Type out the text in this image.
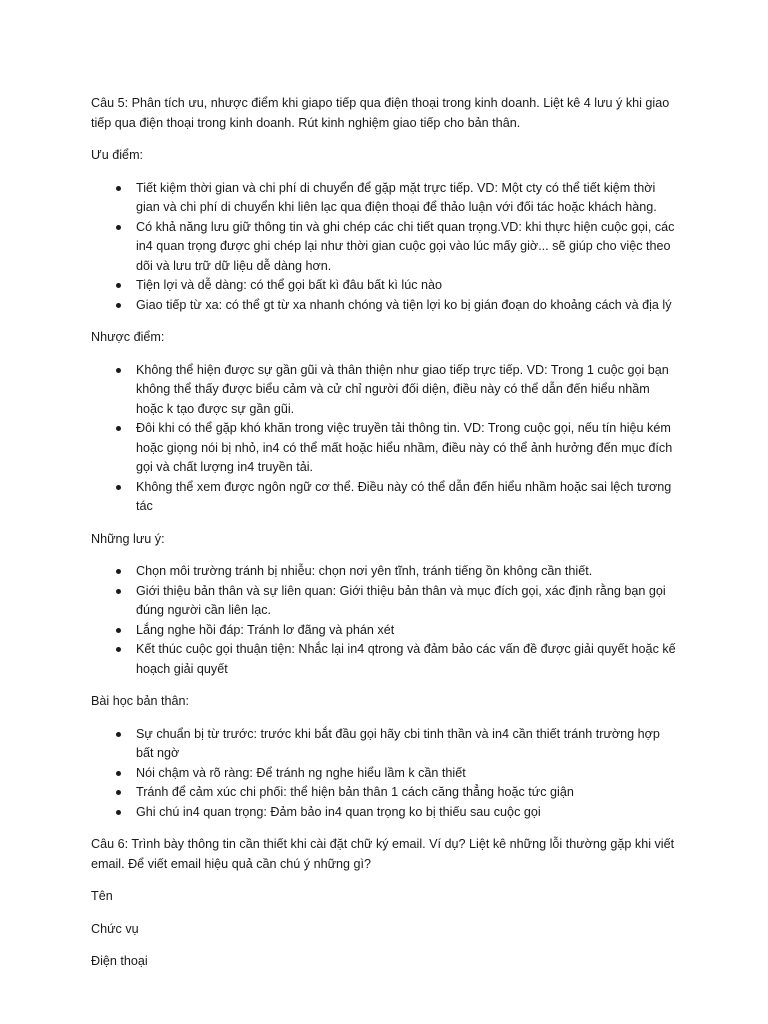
Câu 5: Phân tích ưu, nhược điểm khi giapo tiếp qua điện thoại trong kinh doanh. Liệt kê 4 lưu ý khi giao tiếp qua điện thoại trong kinh doanh. Rút kinh nghiệm giao tiếp cho bản thân.

Ưu điểm:

Tiết kiệm thời gian và chi phí di chuyển để gặp mặt trực tiếp. VD: Một cty có thể tiết kiệm thời gian và chi phí di chuyển khi liên lạc qua điện thoại để thảo luận với đối tác hoặc khách hàng.
Có khả năng lưu giữ thông tin và ghi chép các chi tiết quan trọng.VD: khi thực hiện cuộc gọi, các in4 quan trọng được ghi chép lại như thời gian cuộc gọi vào lúc mấy giờ... sẽ giúp cho việc theo dõi và lưu trữ dữ liệu dễ dàng hơn.
Tiện lợi và dễ dàng: có thể gọi bất kì đâu bất kì lúc nào
Giao tiếp từ xa: có thể gt từ xa nhanh chóng và tiện lợi ko bị gián đoạn do khoảng cách và địa lý

Nhược điểm:

Không thể hiện được sự gần gũi và thân thiện như giao tiếp trực tiếp. VD: Trong 1 cuộc gọi bạn không thể thấy được biểu cảm và cử chỉ người đối diện, điều này có thể dẫn đến hiểu nhầm hoặc k tạo được sự gần gũi.
Đôi khi có thể gặp khó khăn trong việc truyền tải thông tin. VD: Trong cuộc gọi, nếu tín hiệu kém hoặc giọng nói bị nhỏ, in4 có thể mất hoặc hiểu nhầm, điều này có thể ảnh hưởng đến mục đích gọi và chất lượng in4 truyền tải.
Không thể xem được ngôn ngữ cơ thể. Điều này có thể dẫn đến hiểu nhầm hoặc sai lệch tương tác

Những lưu ý:

Chọn môi trường tránh bị nhiễu: chọn nơi yên tĩnh, tránh tiếng ồn không cần thiết.
Giới thiệu bản thân và sự liên quan: Giới thiệu bản thân và mục đích gọi, xác định rằng bạn gọi đúng người cần liên lạc.
Lắng nghe hồi đáp: Tránh lơ đãng và phán xét
Kết thúc cuộc gọi thuận tiện: Nhắc lại in4 qtrong và đảm bảo các vấn đề được giải quyết hoặc kế hoạch giải quyết

Bài học bản thân:

Sự chuẩn bị từ trước: trước khi bắt đầu gọi hãy cbi tinh thần và in4 cần thiết tránh trường hợp bất ngờ
Nói chậm và rõ ràng: Để tránh ng nghe hiểu lầm k cần thiết
Tránh để cảm xúc chi phối: thể hiện bản thân 1 cách căng thẳng hoặc tức giận
Ghi chú in4 quan trọng: Đảm bảo in4 quan trọng ko bị thiếu sau cuộc gọi

Câu 6: Trình bày thông tin cần thiết khi cài đặt chữ ký email. Ví dụ? Liệt kê những lỗi thường gặp khi viết email. Để viết email hiệu quả cần chú ý những gì?

Tên

Chức vụ

Điện thoại
